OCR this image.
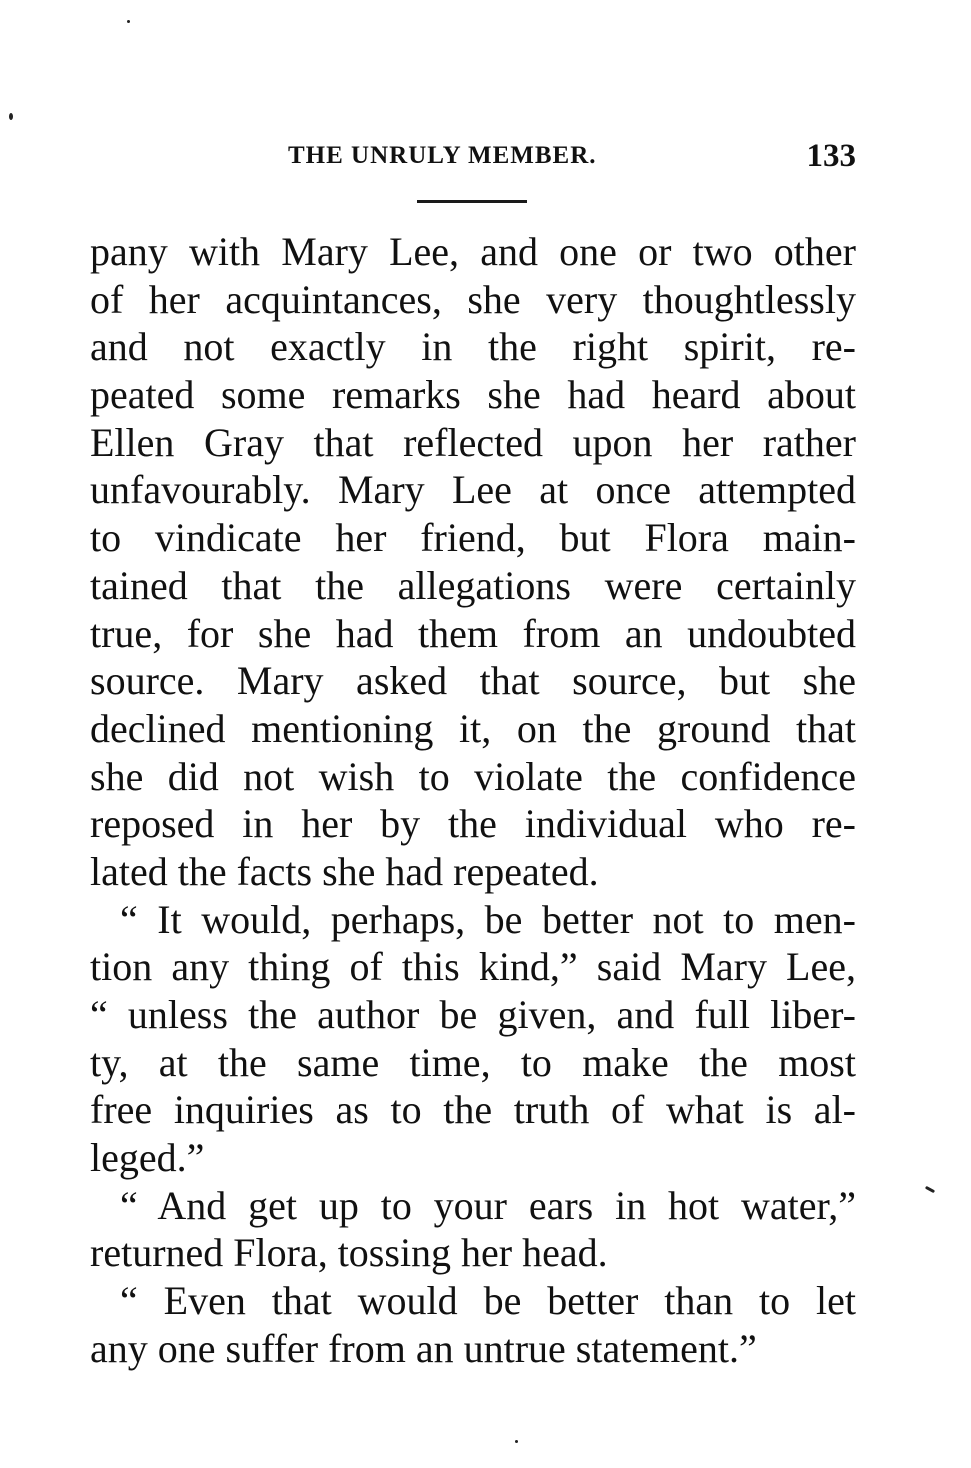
THE UNRULY MEMBER.	133
pany with Mary Lee, and one or two other
of her acquintances, she very thoughtlessly
and not exactly in the right spirit, re-
peated some remarks she had heard about
Ellen Gray that reflected upon her rather
unfavourably. Mary Lee at once attempted
to vindicate her friend, but Flora main-
tained that the allegations were certainly
true, for she had them from an undoubted
source. Mary asked that source, but she
declined mentioning it, on the ground that
she did not wish to violate the confidence
reposed in her by the individual who re-
lated the facts she had repeated.
“ It would, perhaps, be better not to men-
tion any thing of this kind,” said Mary Lee,
“ unless the author be given, and full liber-
ty, at the same time, to make the most
free inquiries as to the truth of what is al-
leged.”
“ And get up to your ears in hot water,”
returned Flora, tossing her head.
“ Even that would be better than to let
any one suffer from an untrue statement.”
